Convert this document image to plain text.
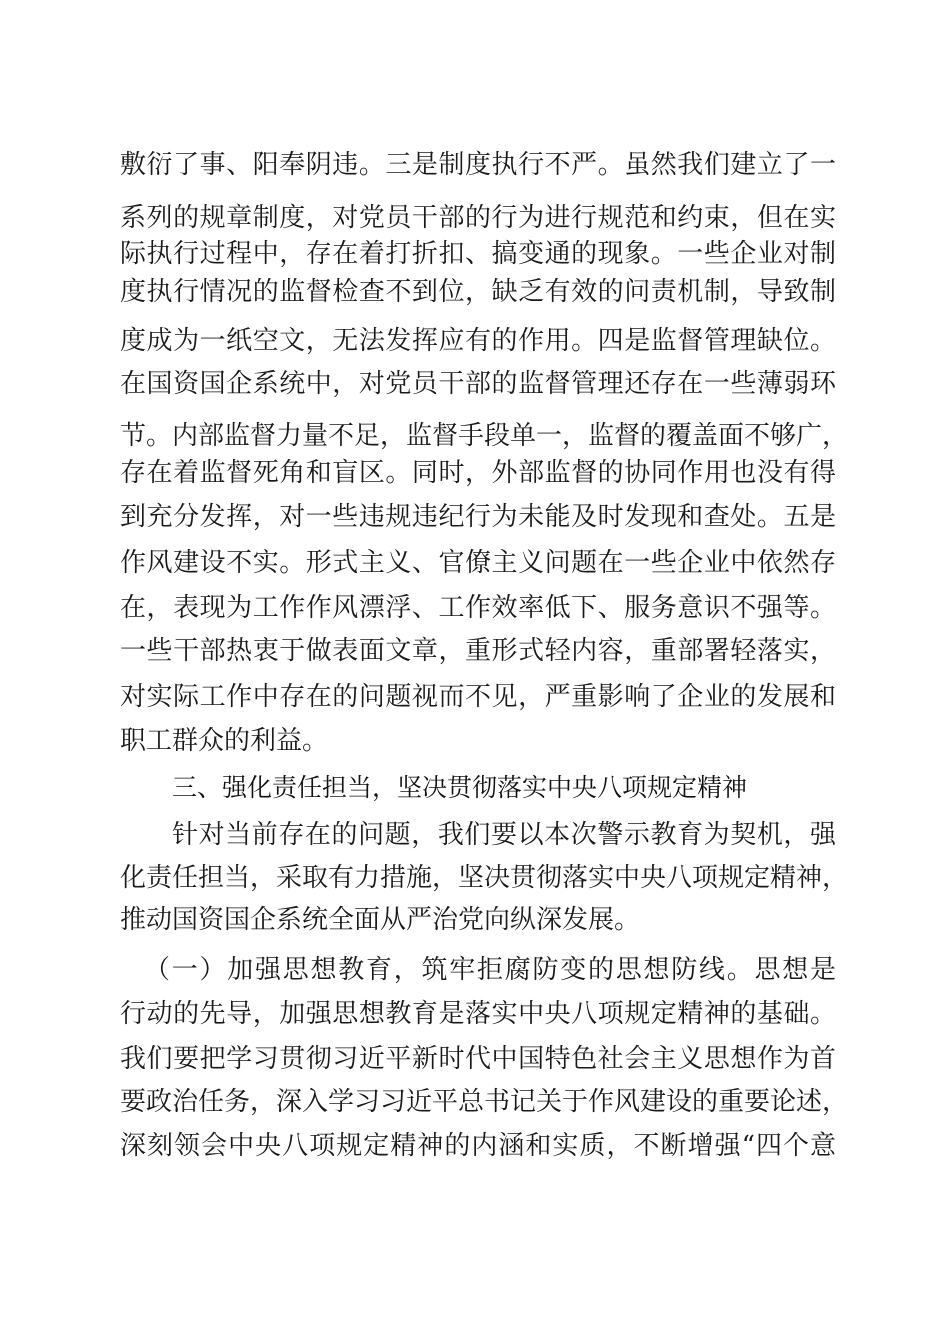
敷衍了事、阳奉阴违。三是制度执行不严。虽然我们建立了一
系列的规章制度，对党员干部的行为进行规范和约束，但在实
际执行过程中，存在着打折扣、搞变通的现象。一些企业对制
度执行情况的监督检查不到位，缺乏有效的问责机制，导致制
度成为一纸空文，无法发挥应有的作用。四是监督管理缺位。
在国资国企系统中，对党员干部的监督管理还存在一些薄弱环
节。内部监督力量不足，监督手段单一，监督的覆盖面不够广，
存在着监督死角和盲区。同时，外部监督的协同作用也没有得
到充分发挥，对一些违规违纪行为未能及时发现和查处。五是
作风建设不实。形式主义、官僚主义问题在一些企业中依然存
在，表现为工作作风漂浮、工作效率低下、服务意识不强等。
一些干部热衷于做表面文章，重形式轻内容，重部署轻落实，
对实际工作中存在的问题视而不见，严重影响了企业的发展和
职工群众的利益。
三、强化责任担当，坚决贯彻落实中央八项规定精神
针对当前存在的问题，我们要以本次警示教育为契机，强
化责任担当，采取有力措施，坚决贯彻落实中央八项规定精神，
推动国资国企系统全面从严治党向纵深发展。
（一）加强思想教育，筑牢拒腐防变的思想防线。思想是
行动的先导，加强思想教育是落实中央八项规定精神的基础。
我们要把学习贯彻习近平新时代中国特色社会主义思想作为首
要政治任务，深入学习习近平总书记关于作风建设的重要论述，
深刻领会中央八项规定精神的内涵和实质，不断增强“四个意
